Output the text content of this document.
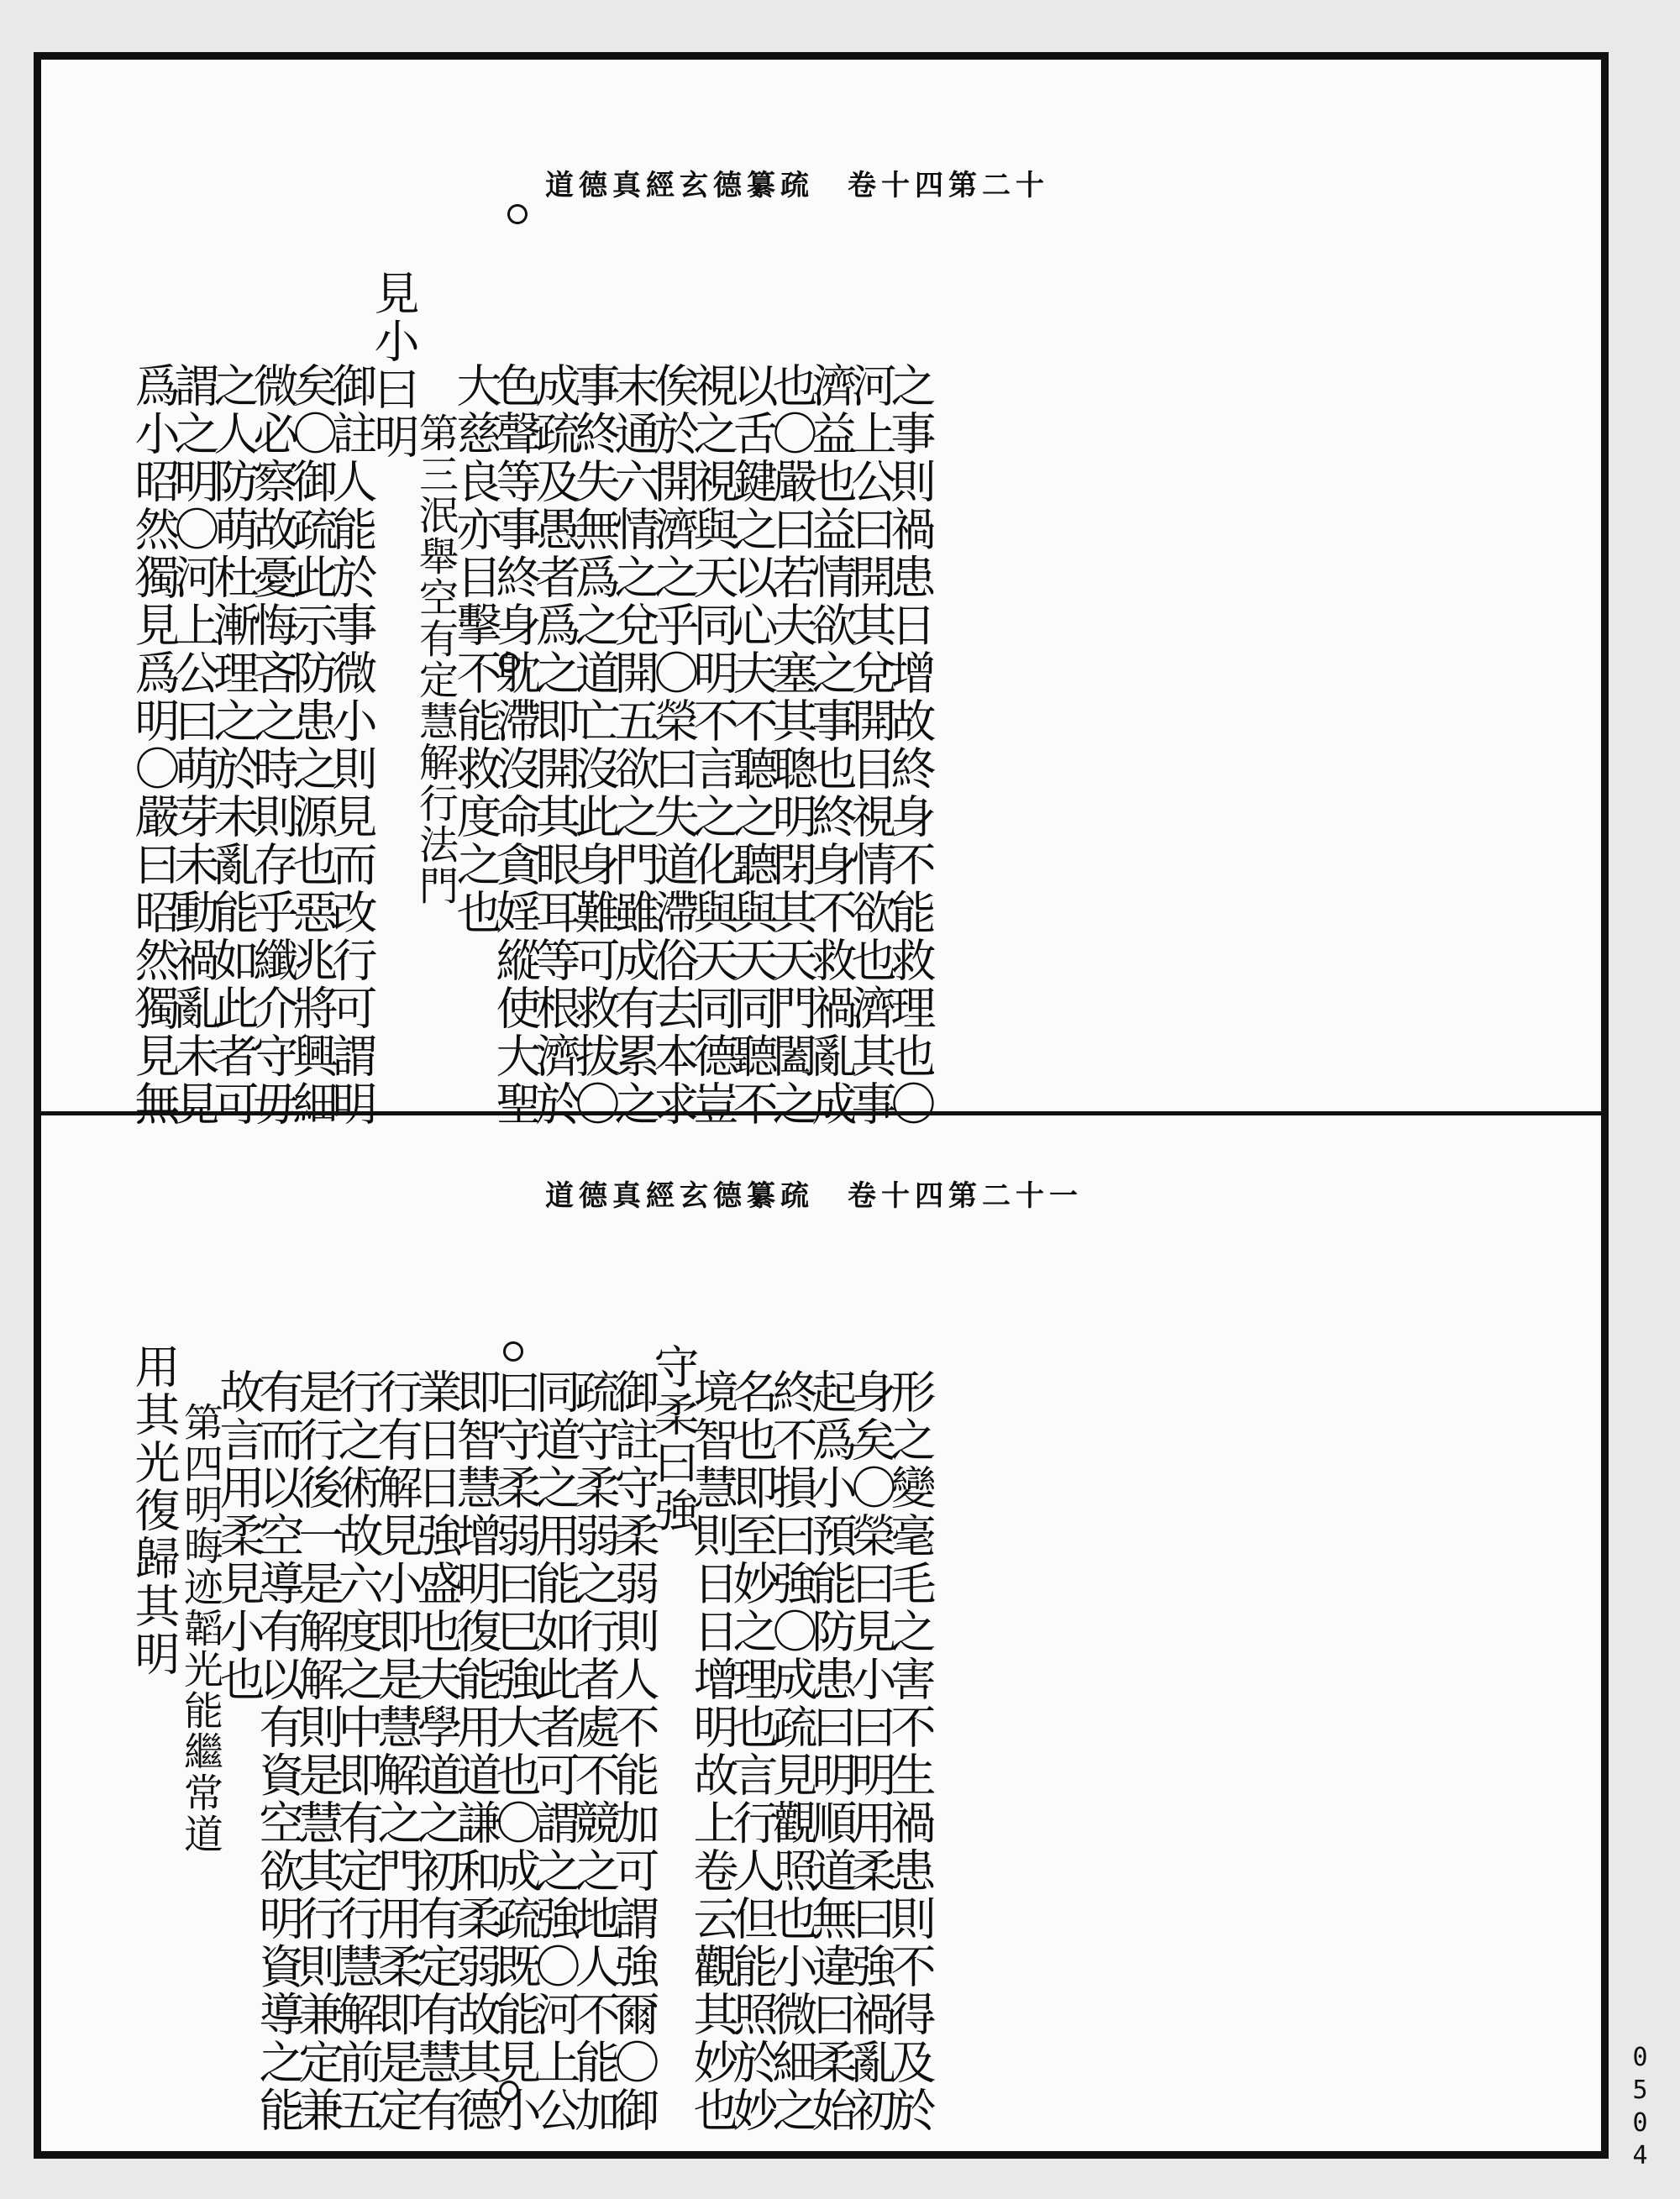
道德真經玄德纂疏 卷十四第二十
之事則禍患日增故終身不能救理也〇
河上公曰開其兌開目視情欲也濟其事
濟益也益情欲之事也終身不救禍亂成
也〇嚴曰若夫塞其聰明閉其天門闔之
以舌鍵之以心夫不聽之聽與天同聽不
視之視與天同明不言之化與天同德豈
俟於開濟之乎〇榮曰失道滯俗去本求
末通六情之兌開五欲之門雖成有累之
事終失無爲之道亡沒此身難可救拔〇
成疏及愚者爲之即開其眼耳等根濟於
色聲等事終身躭滯沒命貪婬縱使大聖
大慈良亦目擊不能救度之也
第三泯舉空有定慧解行法門
見小曰明
御註人能於事微小則見而改行可謂明
矣〇御疏此示防患之源也惡兆將興細
微必察故憂悔吝之時則存乎纖介守毋
之人防萌杜漸理之於未亂能如此者可
謂之明〇河上公曰萌芽未動禍亂未見
爲小昭然獨見爲明〇嚴曰昭然獨見無
道德真經玄德纂疏 卷十四第二十一
形之變毫毛之害不生禍患則不得及於
身矣〇榮曰見小曰明用柔曰強禍亂初
起爲小預能防患曰明順道無違曰柔始
終不損曰強〇成疏見觀照也小微細之
名也即至妙之理也言行人但能照於妙
境智慧則日日增明故上卷云觀其妙也
守柔曰強
御註守柔弱則人不能加可謂強爾〇御
疏守柔弱之行者處不競之地人不能加
同道之用能如此者可謂之強〇河上公
曰守柔弱曰巳強大也〇成疏既能見小
即智慧增明復能用道謙和柔弱故其德
業日日強盛也夫學道之初有定有慧有
行有解見小即是慧解之門用柔即是定
行之術故六度之中即有定行慧解前五
是行後一是解解則是慧其行則兼定兼
有而以空導有以有資空欲明資導之能
故言用柔見小也
第四明晦迹韜光能繼常道
用其光復歸其明
0504
